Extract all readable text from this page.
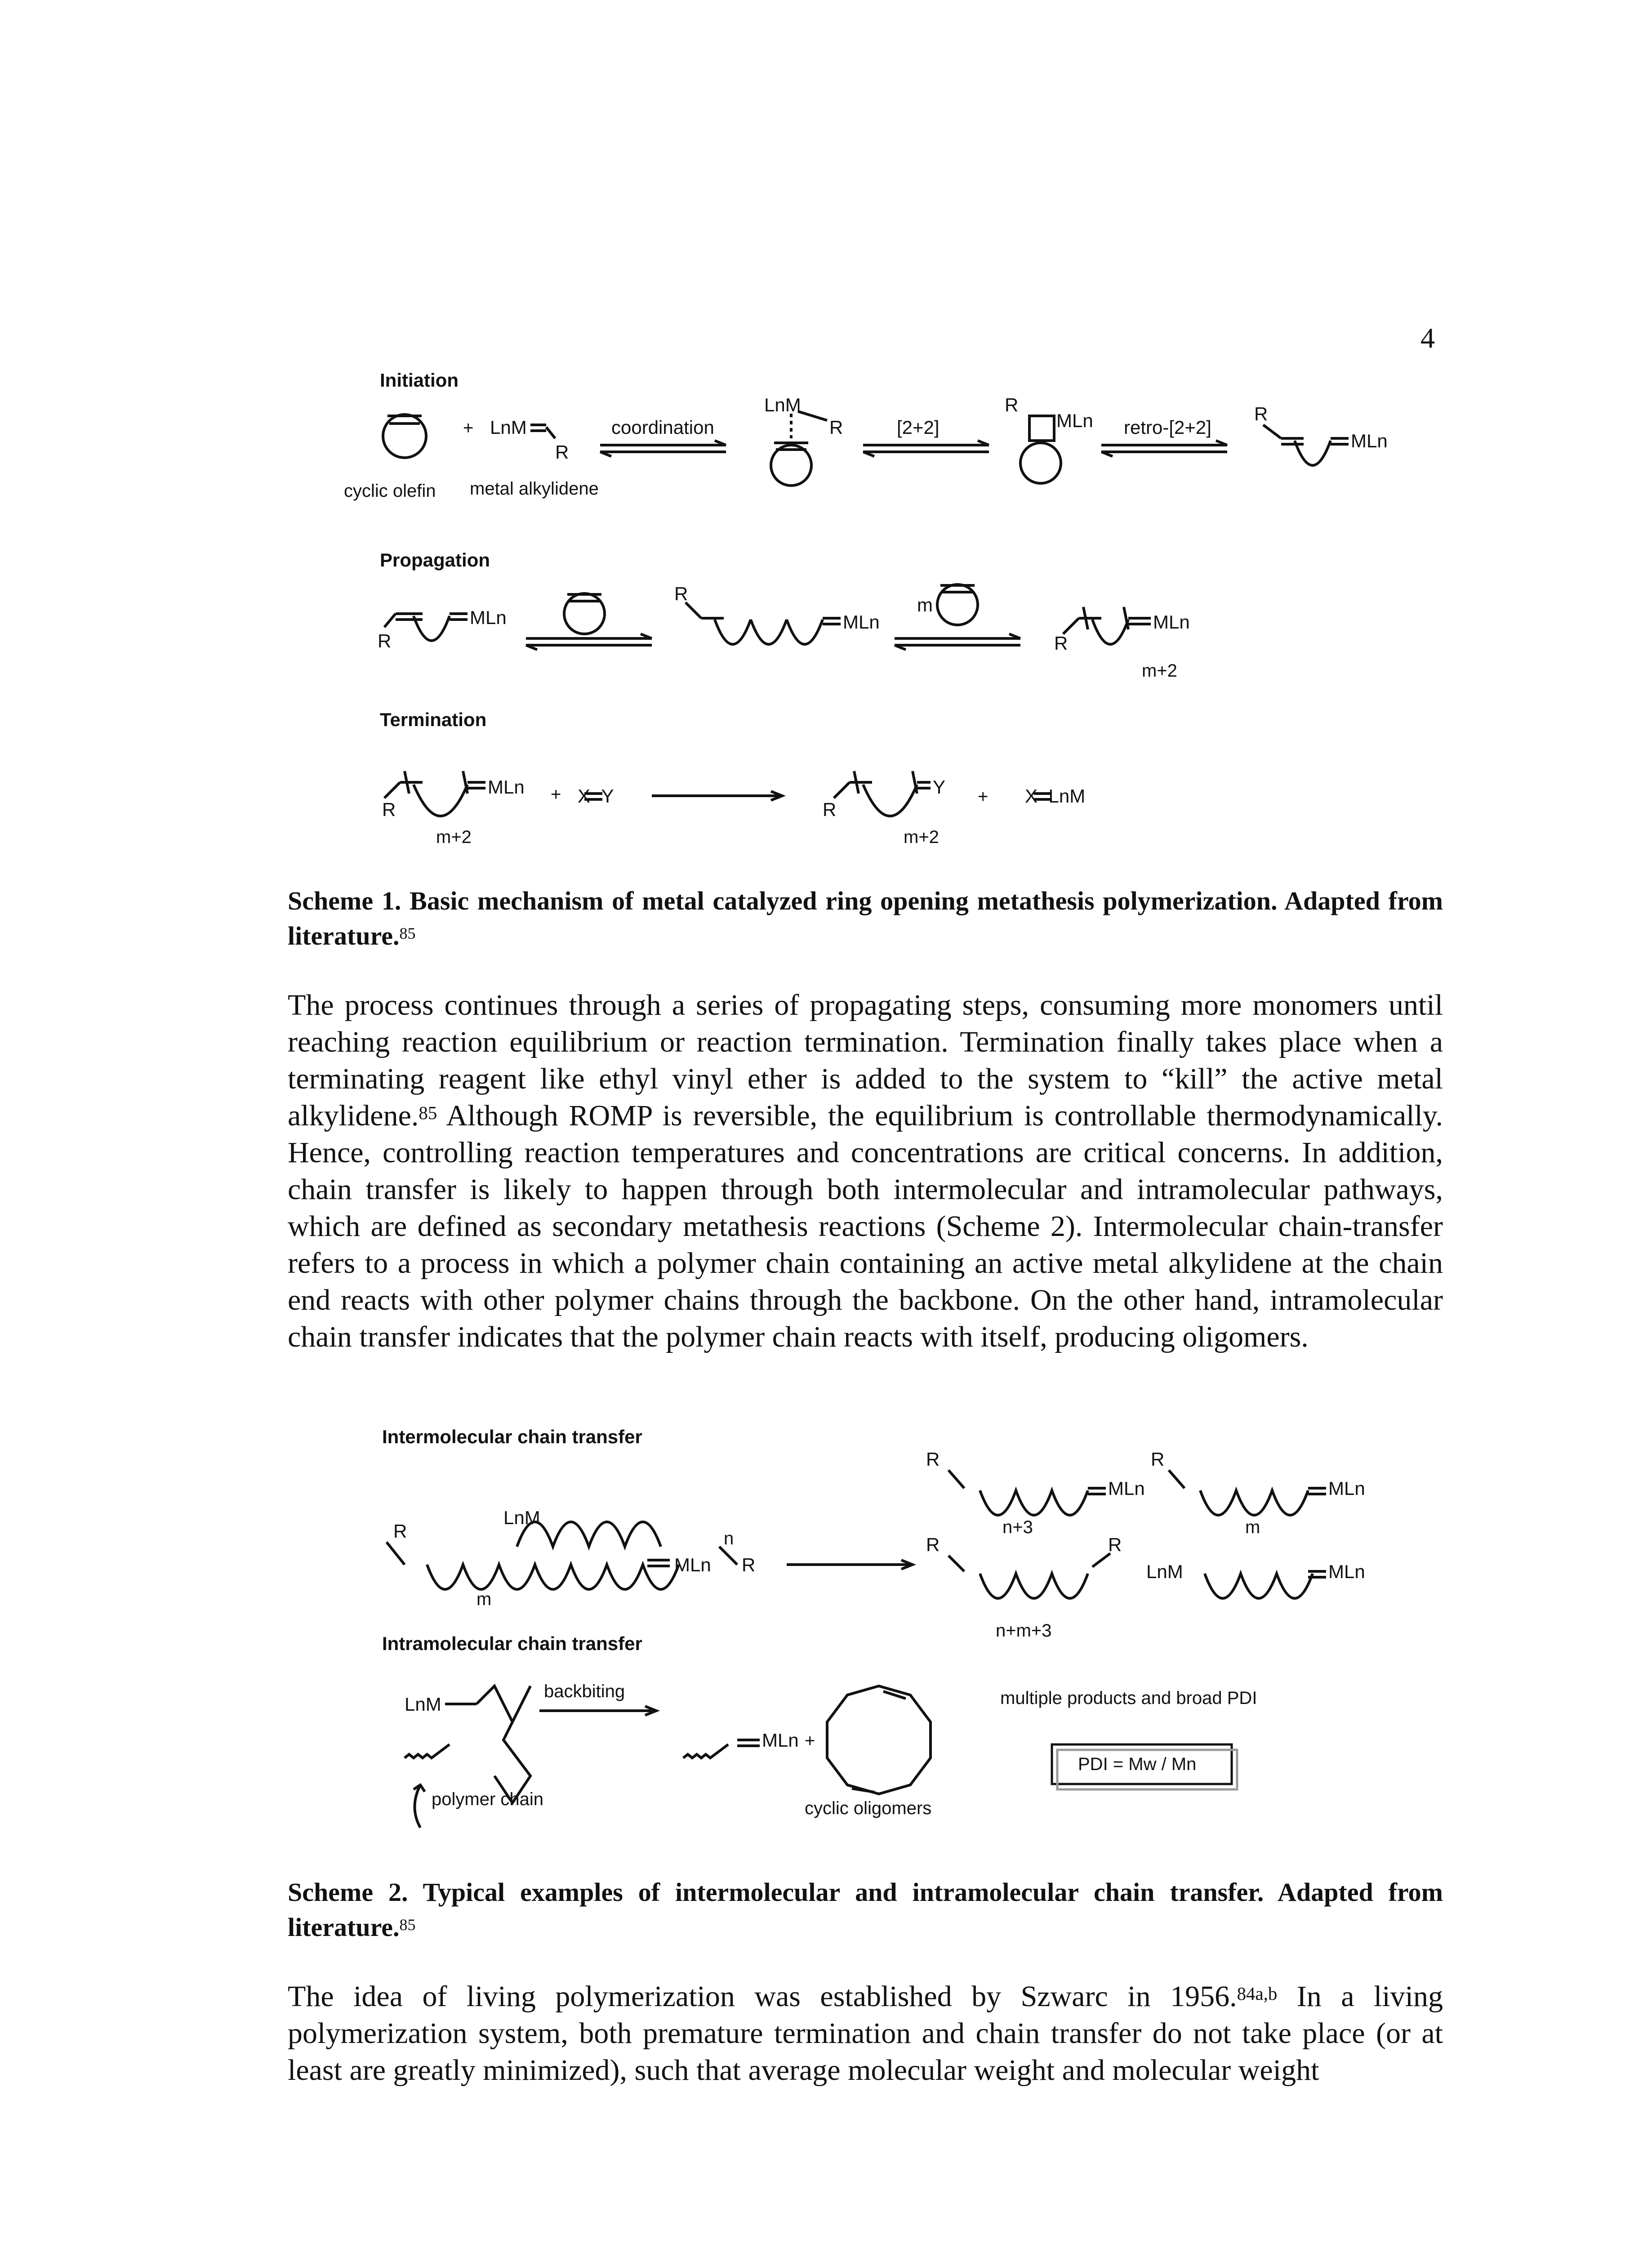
4
Initiation
+ LnM
R
coordination
LnM
R	[2+2]
R
MLn retro-[2+2]
R
MLn
cyclic olefin metal alkylidene
Propagation
R
MLn
R
MLn
m
R
MLn
m+2
Termination
R
MLn
m+2
+ X=Y
R
Y
m+2
+ X=LnM
Scheme 1. Basic mechanism of metal catalyzed ring opening metathesis polymerization. Adapted from literature.$^{85}$
The process continues through a series of propagating steps, consuming more monomers until reaching reaction equilibrium or reaction termination. Termination finally takes place when a terminating reagent like ethyl vinyl ether is added to the system to “kill” the active metal alkylidene.$^{85}$ Although ROMP is reversible, the equilibrium is controllable thermodynamically. Hence, controlling reaction temperatures and concentrations are critical concerns. In addition, chain transfer is likely to happen through both intermolecular and intramolecular pathways, which are defined as secondary metathesis reactions (Scheme 2). Intermolecular chain-transfer refers to a process in which a polymer chain containing an active metal alkylidene at the chain end reacts with other polymer chains through the backbone. On the other hand, intramolecular chain transfer indicates that the polymer chain reacts with itself, producing oligomers.
Intermolecular chain transfer
R
LnM
MLn
n
R
m
R
MLn
n+3
R
MLn
m
R	R
LnM	MLn
n+m+3
Intramolecular chain transfer
LnM
backbiting
MLn +
multiple products and broad PDI
PDI = Mw / Mn
polymer chain	cyclic oligomers
Scheme 2. Typical examples of intermolecular and intramolecular chain transfer. Adapted from literature.$^{85}$
The idea of living polymerization was established by Szwarc in 1956.$^{84a,b}$ In a living polymerization system, both premature termination and chain transfer do not take place (or at least are greatly minimized), such that average molecular weight and molecular weight
